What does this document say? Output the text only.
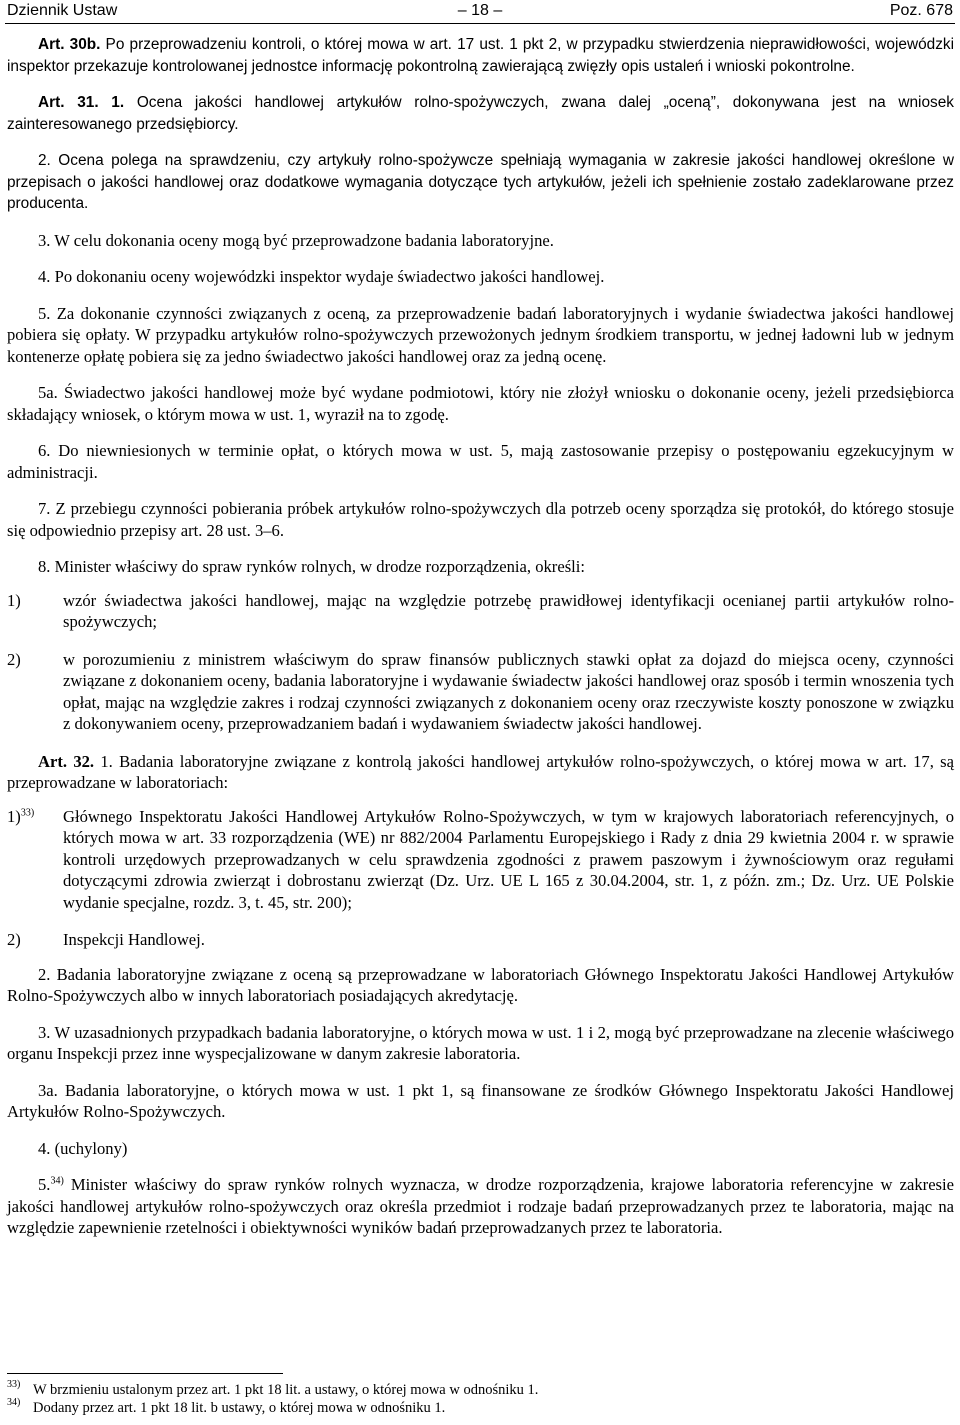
Dziennik Ustaw	– 18 –	Poz. 678

Art. 30b. Po przeprowadzeniu kontroli, o której mowa w art. 17 ust. 1 pkt 2, w przypadku stwierdzenia nieprawidłowości, wojewódzki inspektor przekazuje kontrolowanej jednostce informację pokontrolną zawierającą zwięzły opis ustaleń i wnioski pokontrolne.

Art. 31. 1. Ocena jakości handlowej artykułów rolno-spożywczych, zwana dalej „oceną”, dokonywana jest na wniosek zainteresowanego przedsiębiorcy.

2. Ocena polega na sprawdzeniu, czy artykuły rolno-spożywcze spełniają wymagania w zakresie jakości handlowej określone w przepisach o jakości handlowej oraz dodatkowe wymagania dotyczące tych artykułów, jeżeli ich spełnienie zostało zadeklarowane przez producenta.

3. W celu dokonania oceny mogą być przeprowadzone badania laboratoryjne.

4. Po dokonaniu oceny wojewódzki inspektor wydaje świadectwo jakości handlowej.

5. Za dokonanie czynności związanych z oceną, za przeprowadzenie badań laboratoryjnych i wydanie świadectwa jakości handlowej pobiera się opłaty. W przypadku artykułów rolno-spożywczych przewożonych jednym środkiem transportu, w jednej ładowni lub w jednym kontenerze opłatę pobiera się za jedno świadectwo jakości handlowej oraz za jedną ocenę.

5a. Świadectwo jakości handlowej może być wydane podmiotowi, który nie złożył wniosku o dokonanie oceny, jeżeli przedsiębiorca składający wniosek, o którym mowa w ust. 1, wyraził na to zgodę.

6. Do niewniesionych w terminie opłat, o których mowa w ust. 5, mają zastosowanie przepisy o postępowaniu egzekucyjnym w administracji.

7. Z przebiegu czynności pobierania próbek artykułów rolno-spożywczych dla potrzeb oceny sporządza się protokół, do którego stosuje się odpowiednio przepisy art. 28 ust. 3–6.

8. Minister właściwy do spraw rynków rolnych, w drodze rozporządzenia, określi:

1)	wzór świadectwa jakości handlowej, mając na względzie potrzebę prawidłowej identyfikacji ocenianej partii artykułów rolno-spożywczych;
2)	w porozumieniu z ministrem właściwym do spraw finansów publicznych stawki opłat za dojazd do miejsca oceny, czynności związane z dokonaniem oceny, badania laboratoryjne i wydawanie świadectw jakości handlowej oraz sposób i termin wnoszenia tych opłat, mając na względzie zakres i rodzaj czynności związanych z dokonaniem oceny oraz rzeczywiste koszty ponoszone w związku z dokonywaniem oceny, przeprowadzaniem badań i wydawaniem świadectw jakości handlowej.

Art. 32. 1. Badania laboratoryjne związane z kontrolą jakości handlowej artykułów rolno-spożywczych, o której mowa w art. 17, są przeprowadzane w laboratoriach:

1)$^{33)}$ Głównego Inspektoratu Jakości Handlowej Artykułów Rolno-Spożywczych, w tym w krajowych laboratoriach referencyjnych, o których mowa w art. 33 rozporządzenia (WE) nr 882/2004 Parlamentu Europejskiego i Rady z dnia 29 kwietnia 2004 r. w sprawie kontroli urzędowych przeprowadzanych w celu sprawdzenia zgodności z prawem paszowym i żywnościowym oraz regułami dotyczącymi zdrowia zwierząt i dobrostanu zwierząt (Dz. Urz. UE L 165 z 30.04.2004, str. 1, z późn. zm.; Dz. Urz. UE Polskie wydanie specjalne, rozdz. 3, t. 45, str. 200);
2)	Inspekcji Handlowej.

2. Badania laboratoryjne związane z oceną są przeprowadzane w laboratoriach Głównego Inspektoratu Jakości Handlowej Artykułów Rolno-Spożywczych albo w innych laboratoriach posiadających akredytację.

3. W uzasadnionych przypadkach badania laboratoryjne, o których mowa w ust. 1 i 2, mogą być przeprowadzane na zlecenie właściwego organu Inspekcji przez inne wyspecjalizowane w danym zakresie laboratoria.

3a. Badania laboratoryjne, o których mowa w ust. 1 pkt 1, są finansowane ze środków Głównego Inspektoratu Jakości Handlowej Artykułów Rolno-Spożywczych.

4. (uchylony)

5.$^{34)}$ Minister właściwy do spraw rynków rolnych wyznacza, w drodze rozporządzenia, krajowe laboratoria referencyjne w zakresie jakości handlowej artykułów rolno-spożywczych oraz określa przedmiot i rodzaje badań przeprowadzanych przez te laboratoria, mając na względzie zapewnienie rzetelności i obiektywności wyników badań przeprowadzanych przez te laboratoria.

33) W brzmieniu ustalonym przez art. 1 pkt 18 lit. a ustawy, o której mowa w odnośniku 1.
34) Dodany przez art. 1 pkt 18 lit. b ustawy, o której mowa w odnośniku 1.
